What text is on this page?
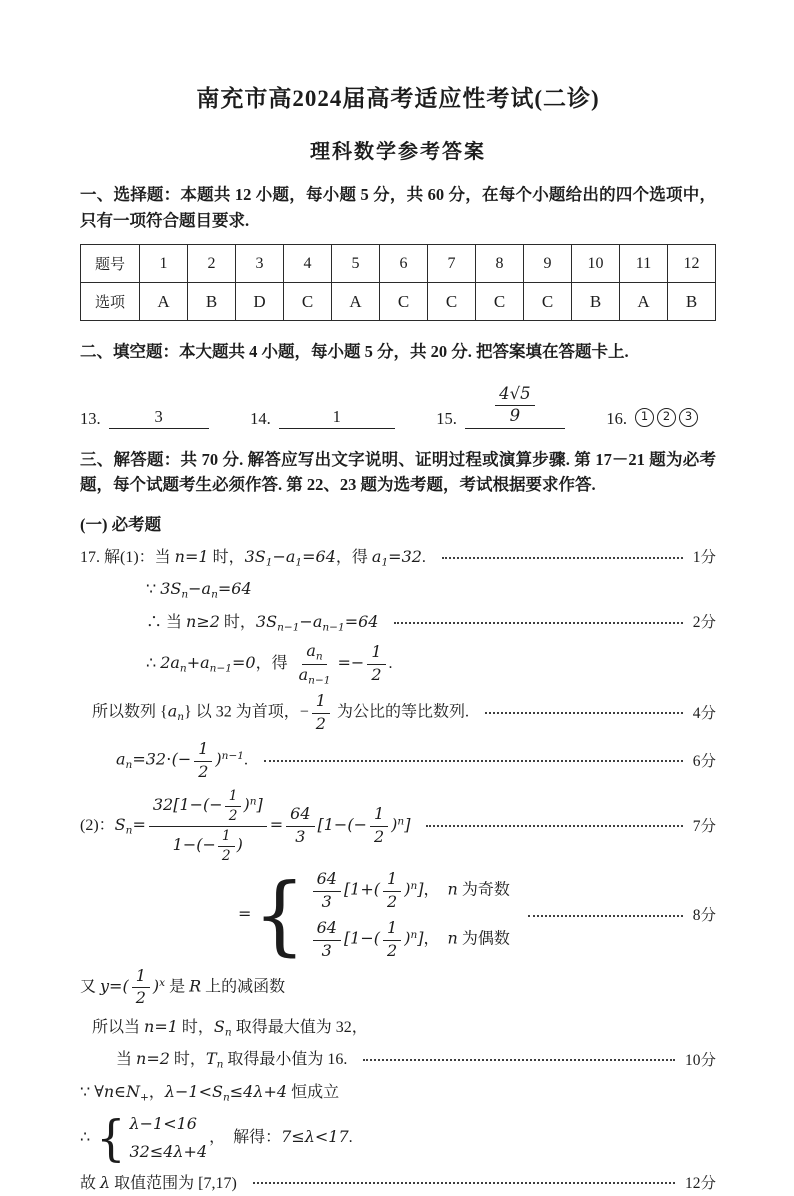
南充市高2024届高考适应性考试(二诊)
理科数学参考答案
一、选择题：本题共 12 小题，每小题 5 分，共 60 分，在每个小题给出的四个选项中，只有一项符合题目要求.
题号	1	2	3	4	5	6	7	8	9	10	11	12
选项	A	B	D	C	A	C	C	C	C	B	A	B
二、填空题：本大题共 4 小题，每小题 5 分，共 20 分. 把答案填在答题卡上.
13.	3	14.	1	15. $\frac{4√5}{9}$	16.	1	2	3
三、解答题：共 70 分. 解答应写出文字说明、证明过程或演算步骤. 第 17－21 题为必考题，每个试题考生必须作答. 第 22、23 题为选考题，考试根据要求作答.
(一) 必考题
17. 解(1)：当 n=1 时，$3S_1-a_1=64$，得 $a_1=32$.	1分
∵ $3S_n-a_n=64$
∴ 当 n≥2 时，$3S_{n-1}-a_{n-1}=64$	2分
∴ $2a_n+a_{n-1}=0$，得 $\frac{a_n}{a_{n-1}} =- \frac{1}{2}$ .
所以数列 $\{a_n\}$ 以 32 为首项，− $\frac{1}{2}$ 为公比的等比数列.	4分
$a_n=32\cdot(- \frac{1}{2} )^{n-1}$.	6分
(2)：$S_n= \frac{32[1-(- \frac{1}{2} )^n]}{1-(- \frac{1}{2} )} = \frac{64}{3} [1-(- \frac{1}{2} )^n]$	7分
= { $\frac{64}{3} [1+( \frac{1}{2} )^n]$，　n 为奇数
$\frac{64}{3} [1-( \frac{1}{2} )^n]$，　n 为偶数
8分
又 $y=( \frac{1}{2} )^x$ 是 R 上的减函数
所以当 n=1 时，$S_n$ 取得最大值为 32，
当 n=2 时，$T_n$ 取得最小值为 16.	10分
∵ $\forall n\in N_+$，$\lambda-1<S_n\le 4\lambda+4$ 恒成立
∴ { λ−1<16
32≤4λ+4
，　解得：7≤λ<17.
故 λ 取值范围为 [7,17)	12分
